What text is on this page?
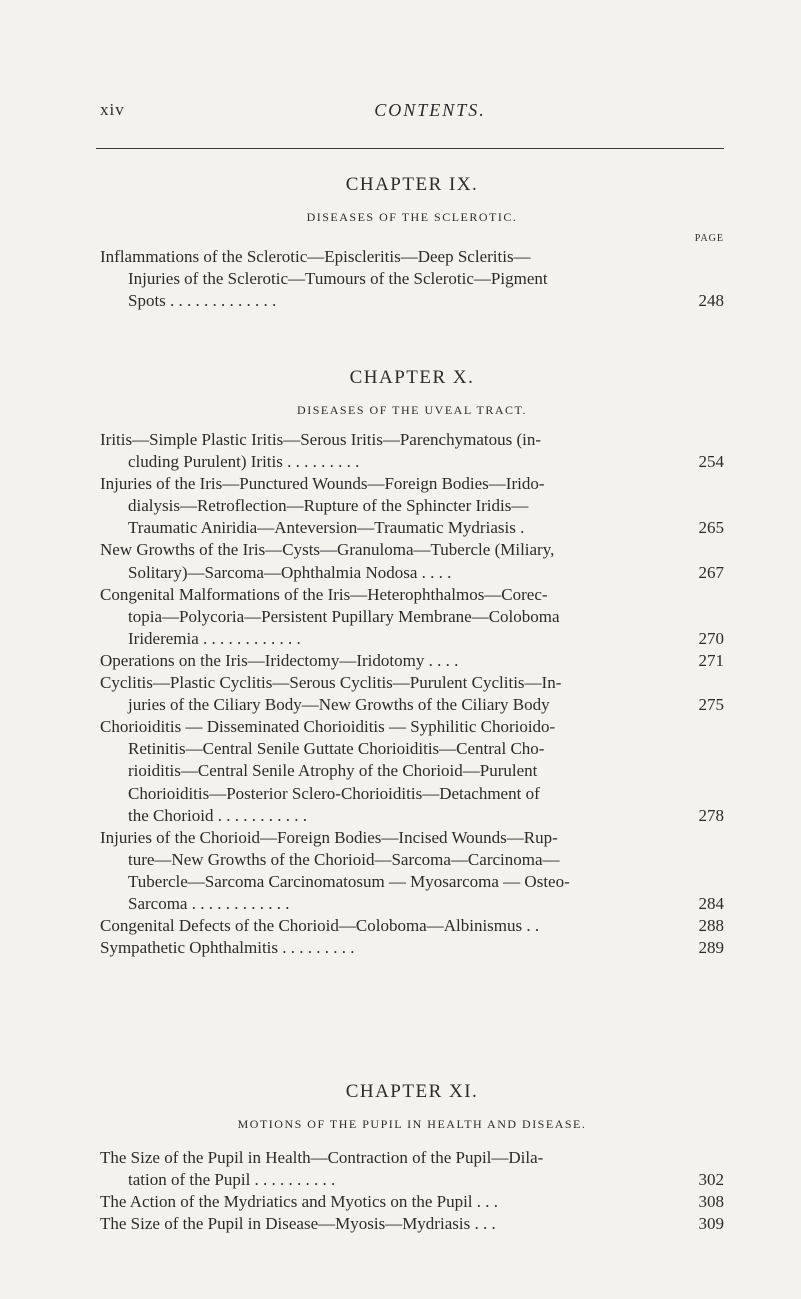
xiv	CONTENTS.
CHAPTER IX.
DISEASES OF THE SCLEROTIC.
PAGE
Inflammations of the Sclerotic—Episcleritis—Deep Scleritis—
Injuries of the Sclerotic—Tumours of the Sclerotic—Pigment
Spots . . . . . . . . . . . . .	248
CHAPTER X.
DISEASES OF THE UVEAL TRACT.
Iritis—Simple Plastic Iritis—Serous Iritis—Parenchymatous (in-
cluding Purulent) Iritis . . . . . . . . .	254
Injuries of the Iris—Punctured Wounds—Foreign Bodies—Irido-
dialysis—Retroflection—Rupture of the Sphincter Iridis—
Traumatic Aniridia—Anteversion—Traumatic Mydriasis .	265
New Growths of the Iris—Cysts—Granuloma—Tubercle (Miliary,
Solitary)—Sarcoma—Ophthalmia Nodosa . . . .	267
Congenital Malformations of the Iris—Heterophthalmos—Corec-
topia—Polycoria—Persistent Pupillary Membrane—Coloboma
Irideremia . . . . . . . . . . . .	270
Operations on the Iris—Iridectomy—Iridotomy . . . .	271
Cyclitis—Plastic Cyclitis—Serous Cyclitis—Purulent Cyclitis—In-
juries of the Ciliary Body—New Growths of the Ciliary Body	275
Chorioiditis — Disseminated Chorioiditis — Syphilitic Chorioido-
Retinitis—Central Senile Guttate Chorioiditis—Central Cho-
rioiditis—Central Senile Atrophy of the Chorioid—Purulent
Chorioiditis—Posterior Sclero-Chorioiditis—Detachment of
the Chorioid . . . . . . . . . . .	278
Injuries of the Chorioid—Foreign Bodies—Incised Wounds—Rup-
ture—New Growths of the Chorioid—Sarcoma—Carcinoma—
Tubercle—Sarcoma Carcinomatosum — Myosarcoma — Osteo-
Sarcoma . . . . . . . . . . . .	284
Congenital Defects of the Chorioid—Coloboma—Albinismus . .	288
Sympathetic Ophthalmitis . . . . . . . . .	289
CHAPTER XI.
MOTIONS OF THE PUPIL IN HEALTH AND DISEASE.
The Size of the Pupil in Health—Contraction of the Pupil—Dila-
tation of the Pupil . . . . . . . . . .	302
The Action of the Mydriatics and Myotics on the Pupil . . .	308
The Size of the Pupil in Disease—Myosis—Mydriasis . . .	309
